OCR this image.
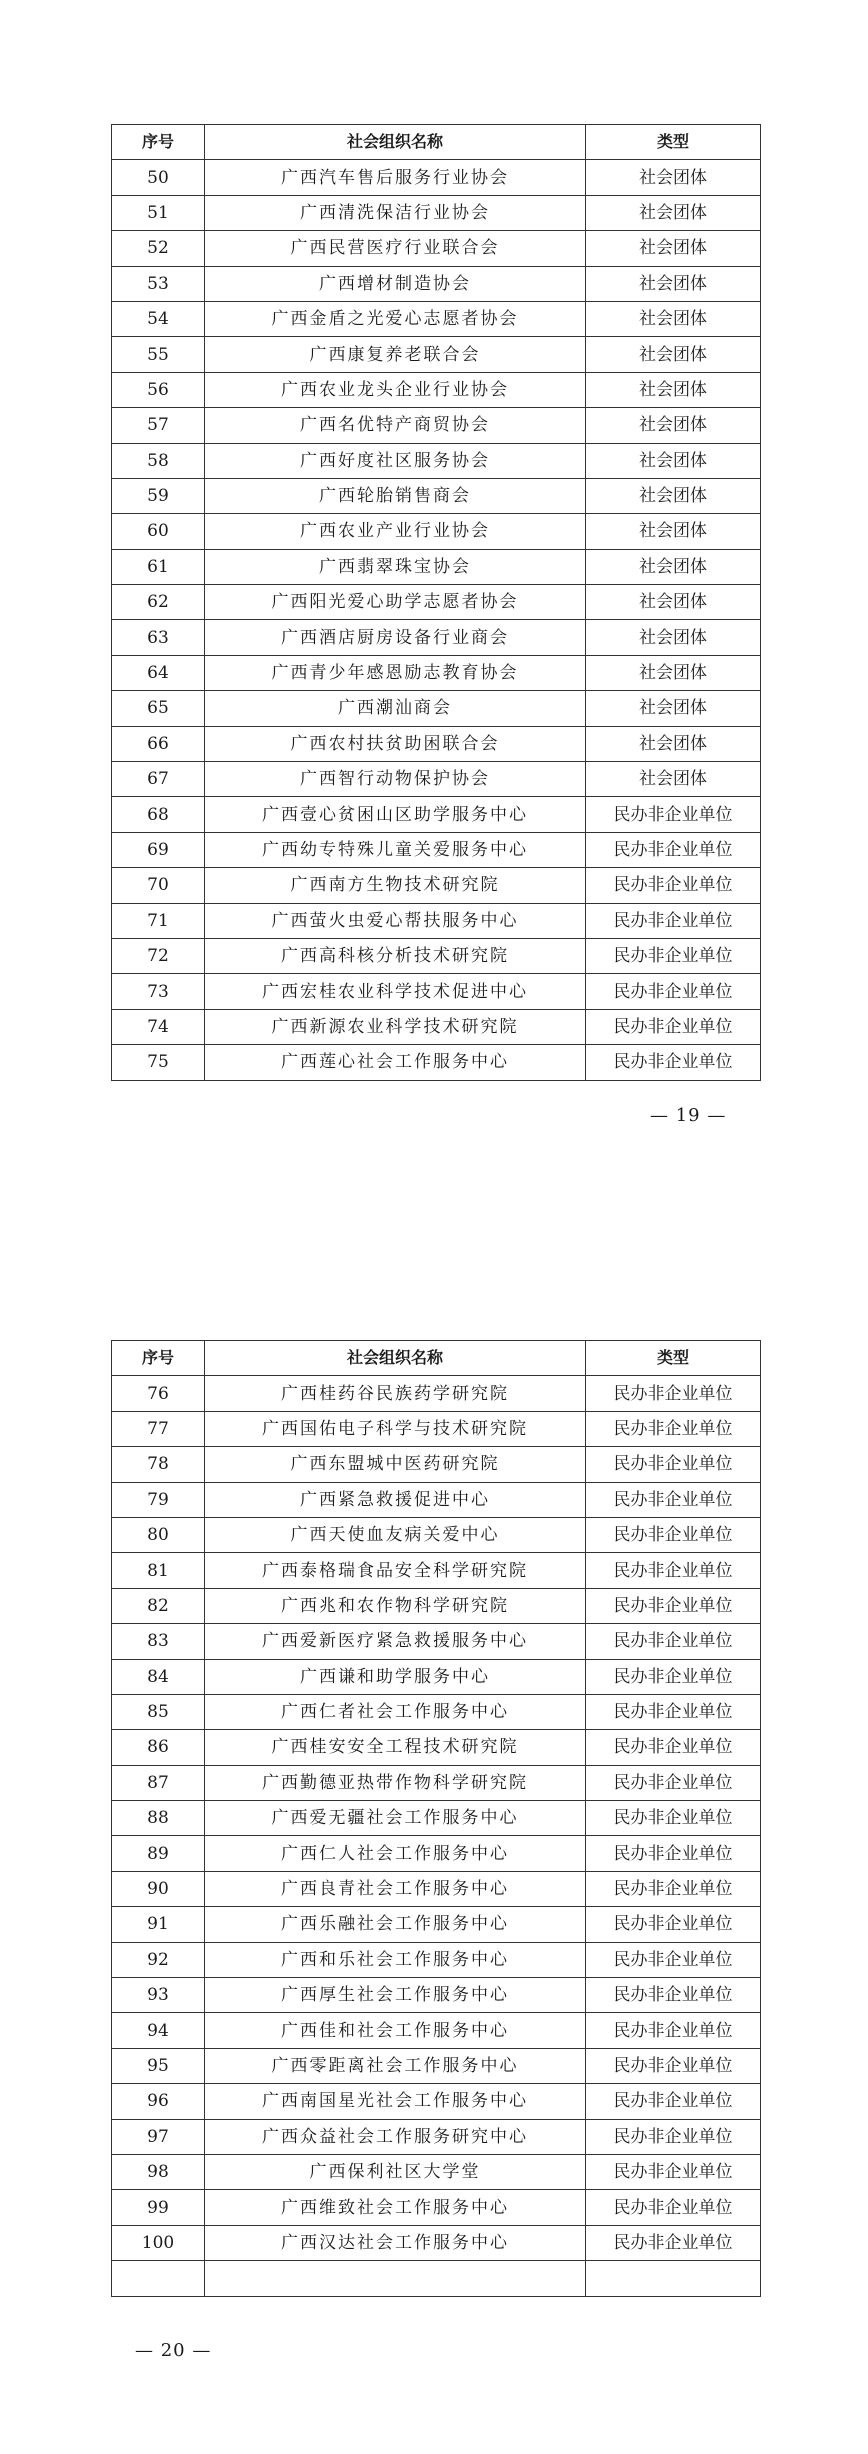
序号	社会组织名称	类型
50	广西汽车售后服务行业协会	社会团体
51	广西清洗保洁行业协会	社会团体
52	广西民营医疗行业联合会	社会团体
53	广西增材制造协会	社会团体
54	广西金盾之光爱心志愿者协会	社会团体
55	广西康复养老联合会	社会团体
56	广西农业龙头企业行业协会	社会团体
57	广西名优特产商贸协会	社会团体
58	广西好度社区服务协会	社会团体
59	广西轮胎销售商会	社会团体
60	广西农业产业行业协会	社会团体
61	广西翡翠珠宝协会	社会团体
62	广西阳光爱心助学志愿者协会	社会团体
63	广西酒店厨房设备行业商会	社会团体
64	广西青少年感恩励志教育协会	社会团体
65	广西潮汕商会	社会团体
66	广西农村扶贫助困联合会	社会团体
67	广西智行动物保护协会	社会团体
68	广西壹心贫困山区助学服务中心	民办非企业单位
69	广西幼专特殊儿童关爱服务中心	民办非企业单位
70	广西南方生物技术研究院	民办非企业单位
71	广西萤火虫爱心帮扶服务中心	民办非企业单位
72	广西高科核分析技术研究院	民办非企业单位
73	广西宏桂农业科学技术促进中心	民办非企业单位
74	广西新源农业科学技术研究院	民办非企业单位
75	广西莲心社会工作服务中心	民办非企业单位
— 19 —
序号	社会组织名称	类型
76	广西桂药谷民族药学研究院	民办非企业单位
77	广西国佑电子科学与技术研究院	民办非企业单位
78	广西东盟城中医药研究院	民办非企业单位
79	广西紧急救援促进中心	民办非企业单位
80	广西天使血友病关爱中心	民办非企业单位
81	广西泰格瑞食品安全科学研究院	民办非企业单位
82	广西兆和农作物科学研究院	民办非企业单位
83	广西爱新医疗紧急救援服务中心	民办非企业单位
84	广西谦和助学服务中心	民办非企业单位
85	广西仁者社会工作服务中心	民办非企业单位
86	广西桂安安全工程技术研究院	民办非企业单位
87	广西勤德亚热带作物科学研究院	民办非企业单位
88	广西爱无疆社会工作服务中心	民办非企业单位
89	广西仁人社会工作服务中心	民办非企业单位
90	广西良青社会工作服务中心	民办非企业单位
91	广西乐融社会工作服务中心	民办非企业单位
92	广西和乐社会工作服务中心	民办非企业单位
93	广西厚生社会工作服务中心	民办非企业单位
94	广西佳和社会工作服务中心	民办非企业单位
95	广西零距离社会工作服务中心	民办非企业单位
96	广西南国星光社会工作服务中心	民办非企业单位
97	广西众益社会工作服务研究中心	民办非企业单位
98	广西保利社区大学堂	民办非企业单位
99	广西维致社会工作服务中心	民办非企业单位
100	广西汉达社会工作服务中心	民办非企业单位

— 20 —
